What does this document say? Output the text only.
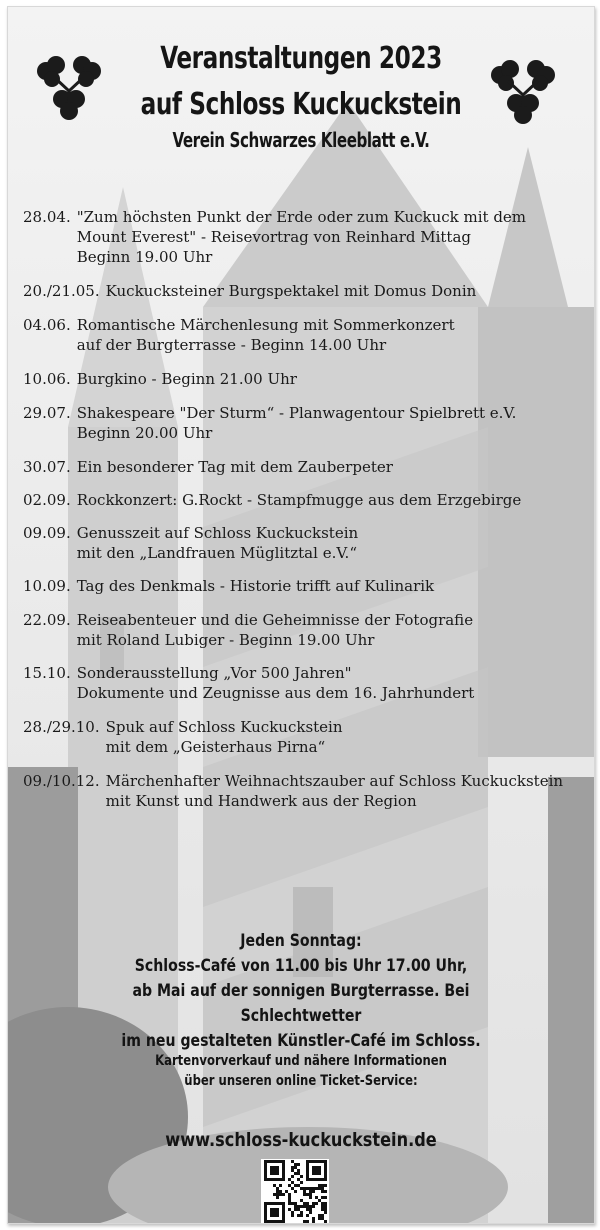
Veranstaltungen 2023
auf Schloss Kuckuckstein
Verein Schwarzes Kleeblatt e.V.
28.04. "Zum höchsten Punkt der Erde oder zum Kuckuck mit dem
Mount Everest" - Reisevortrag von Reinhard Mittag
Beginn 19.00 Uhr
20./21.05. Kuckucksteiner Burgspektakel mit Domus Donin
04.06. Romantische Märchenlesung mit Sommerkonzert
auf der Burgterrasse - Beginn 14.00 Uhr
10.06. Burgkino - Beginn 21.00 Uhr
29.07. Shakespeare "Der Sturm“ - Planwagentour Spielbrett e.V.
Beginn 20.00 Uhr
30.07. Ein besonderer Tag mit dem Zauberpeter
02.09. Rockkonzert: G.Rockt - Stampfmugge aus dem Erzgebirge
09.09. Genusszeit auf Schloss Kuckuckstein
mit den „Landfrauen Müglitztal e.V.“
10.09. Tag des Denkmals - Historie trifft auf Kulinarik
22.09. Reiseabenteuer und die Geheimnisse der Fotografie
mit Roland Lubiger - Beginn 19.00 Uhr
15.10. Sonderausstellung „Vor 500 Jahren"
Dokumente und Zeugnisse aus dem 16. Jahrhundert
28./29.10. Spuk auf Schloss Kuckuckstein
mit dem „Geisterhaus Pirna“
09./10.12. Märchenhafter Weihnachtszauber auf Schloss Kuckuckstein
mit Kunst und Handwerk aus der Region
Jeden Sonntag:
Schloss-Café von 11.00 bis Uhr 17.00 Uhr,
ab Mai auf der sonnigen Burgterrasse. Bei Schlechtwetter
im neu gestalteten Künstler-Café im Schloss.
Kartenvorverkauf und nähere Informationen
über unseren online Ticket-Service:
www.schloss-kuckuckstein.de
